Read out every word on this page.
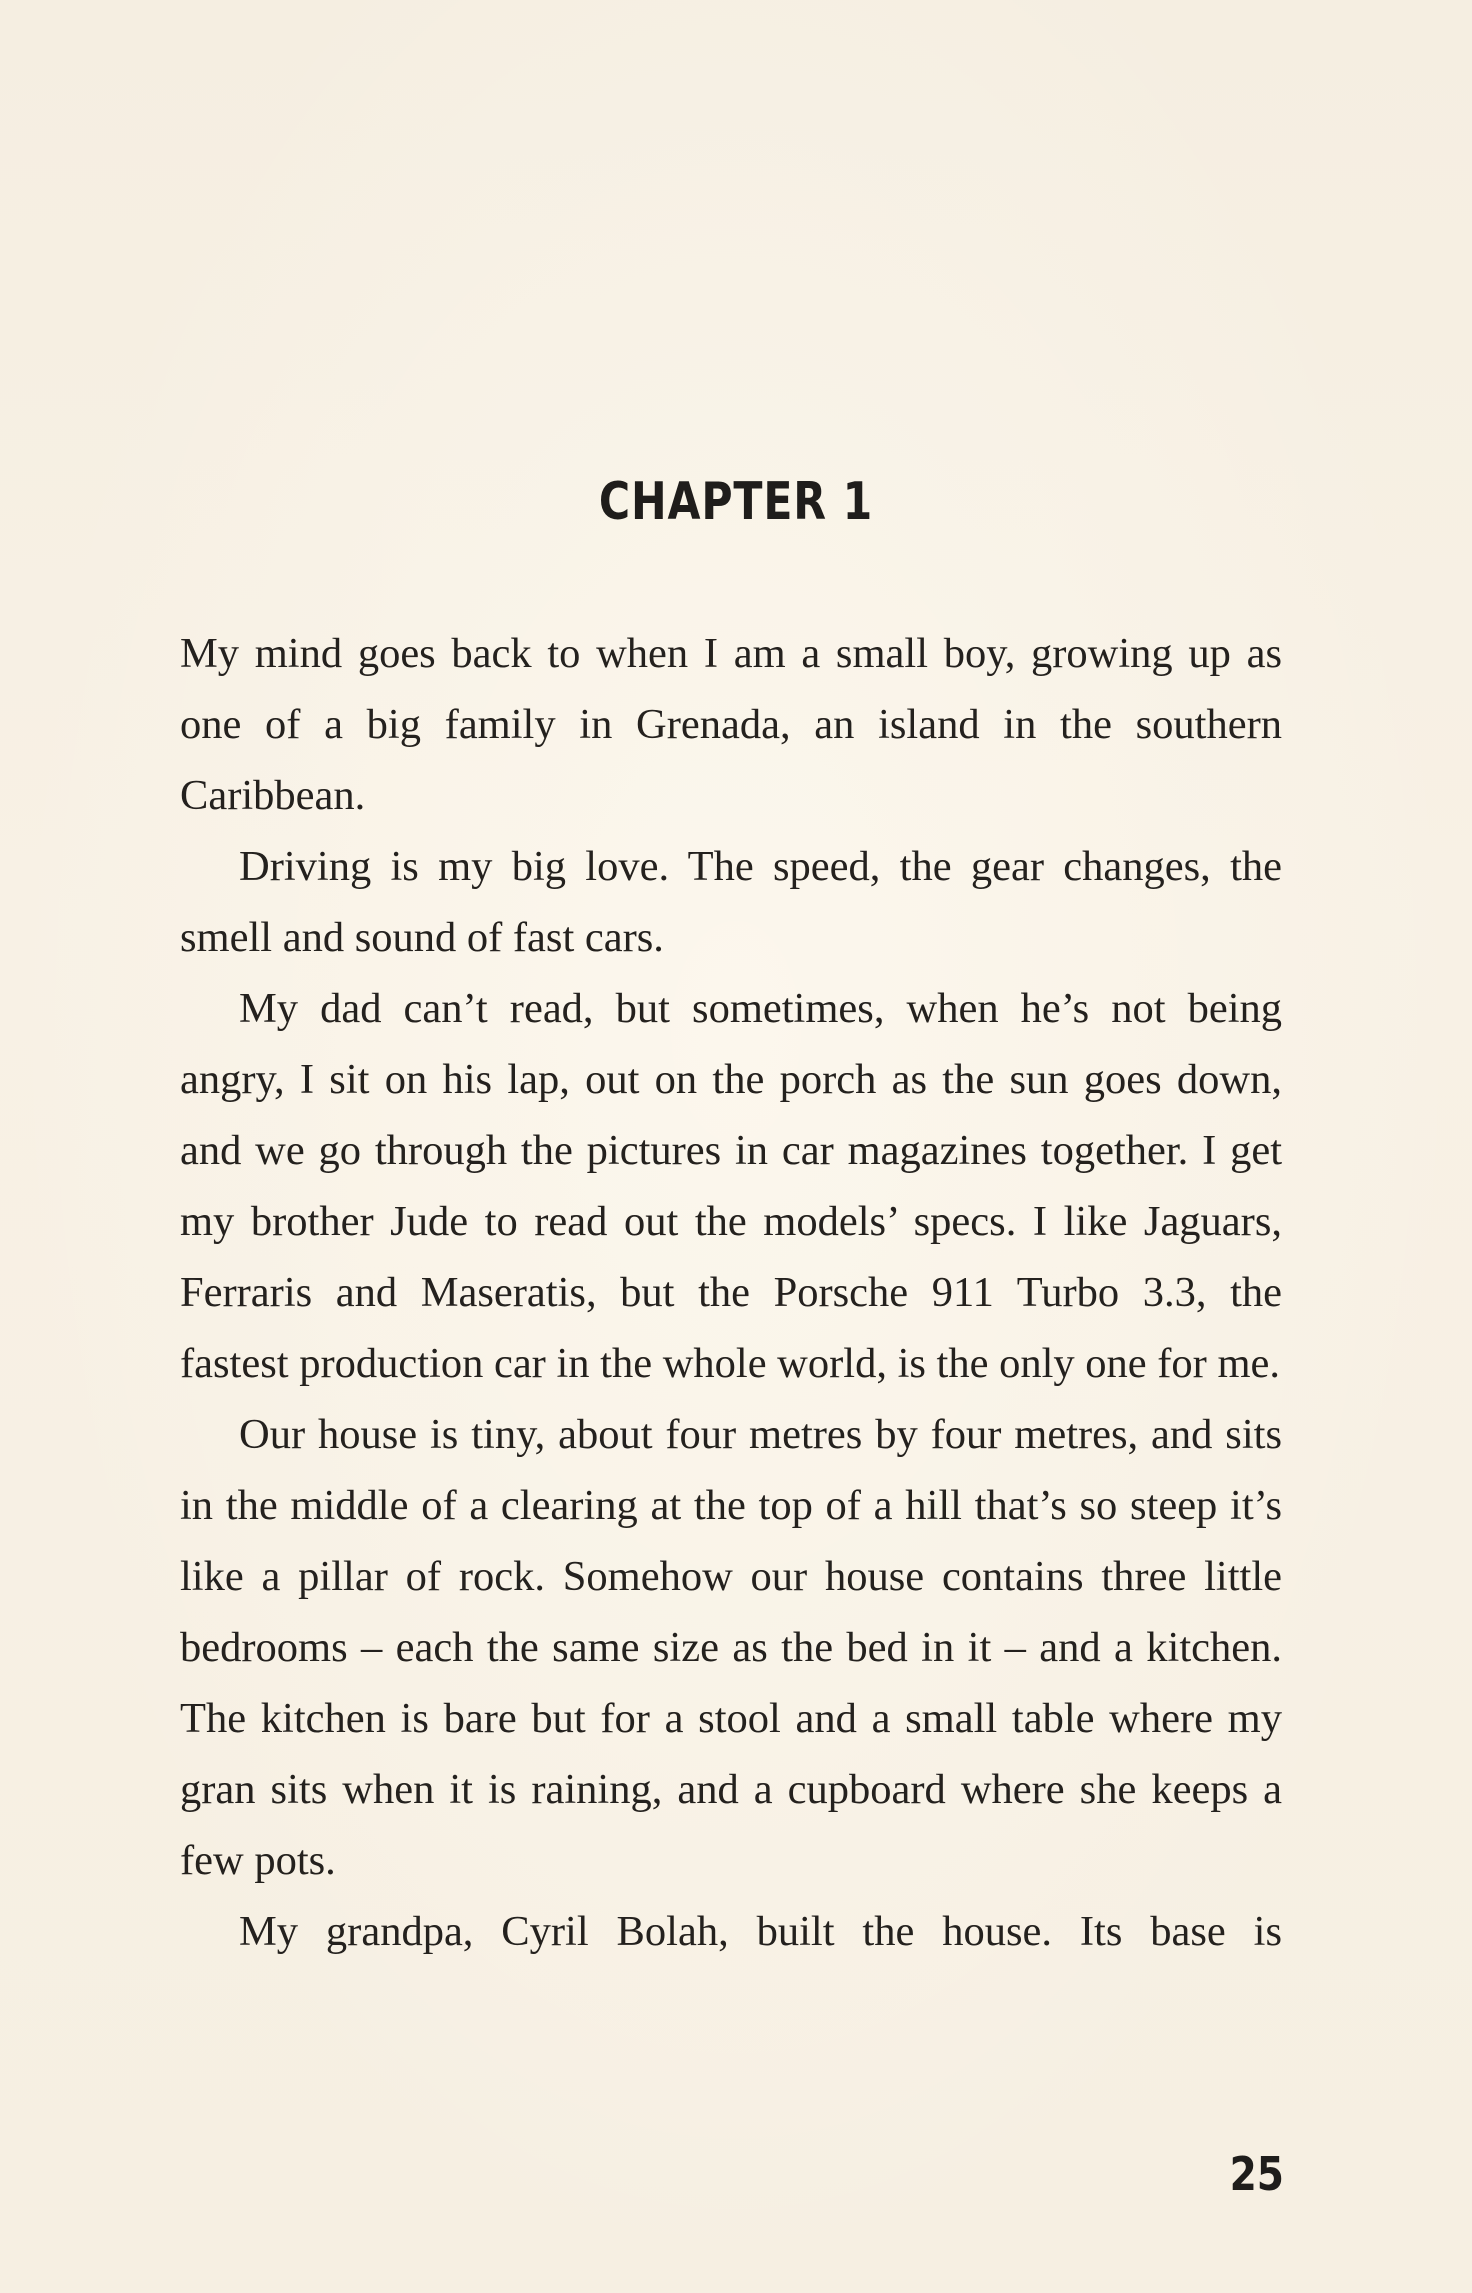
CHAPTER 1

My mind goes back to when I am a small boy, growing up as one of a big family in Grenada, an island in the southern Caribbean.

Driving is my big love. The speed, the gear changes, the smell and sound of fast cars.

My dad can’t read, but sometimes, when he’s not being angry, I sit on his lap, out on the porch as the sun goes down, and we go through the pictures in car magazines together. I get my brother Jude to read out the models’ specs. I like Jaguars, Ferraris and Maseratis, but the Porsche 911 Turbo 3.3, the fastest production car in the whole world, is the only one for me.

Our house is tiny, about four metres by four metres, and sits in the middle of a clearing at the top of a hill that’s so steep it’s like a pillar of rock. Somehow our house contains three little bedrooms – each the same size as the bed in it – and a kitchen. The kitchen is bare but for a stool and a small table where my gran sits when it is raining, and a cupboard where she keeps a few pots.

My grandpa, Cyril Bolah, built the house. Its base is

25
